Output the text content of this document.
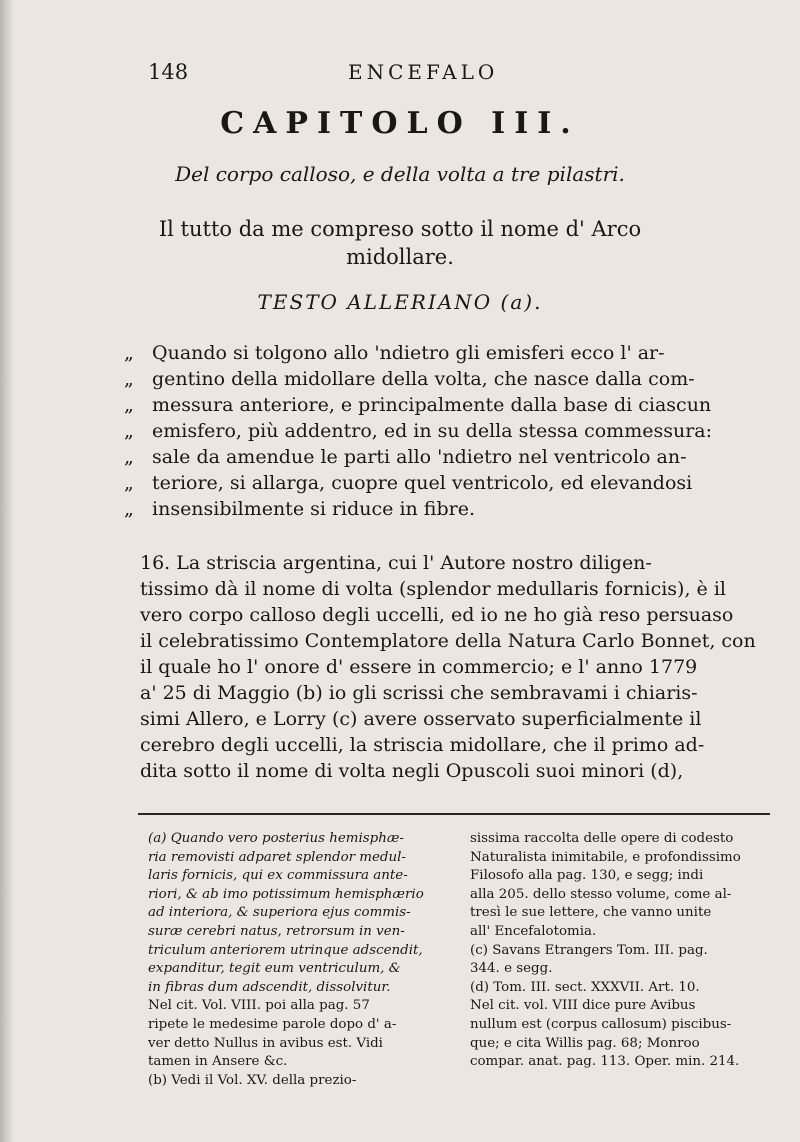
148	ENCEFALO
CAPITOLO III.
Del corpo calloso, e della volta a tre pilastri.
Il tutto da me compreso sotto il nome d' Arco
midollare.
TESTO ALLERIANO (a).
„ Quando si tolgono allo 'ndietro gli emisferi ecco l' ar-
„ gentino della midollare della volta, che nasce dalla com-
„ messura anteriore, e principalmente dalla base di ciascun
„ emisfero, più addentro, ed in su della stessa commessura:
„ sale da amendue le parti allo 'ndietro nel ventricolo an-
„ teriore, si allarga, cuopre quel ventricolo, ed elevandosi
„ insensibilmente si riduce in fibre.
16. La striscia argentina, cui l' Autore nostro diligen-
tissimo dà il nome di volta (splendor medullaris fornicis), è il
vero corpo calloso degli uccelli, ed io ne ho già reso persuaso
il celebratissimo Contemplatore della Natura Carlo Bonnet, con
il quale ho l' onore d' essere in commercio; e l' anno 1779
a' 25 di Maggio (b) io gli scrissi che sembravami i chiaris-
simi Allero, e Lorry (c) avere osservato superficialmente il
cerebro degli uccelli, la striscia midollare, che il primo ad-
dita sotto il nome di volta negli Opuscoli suoi minori (d),
(a) Quando vero posterius hemisphæ-
ria removisti adparet splendor medul-
laris fornicis, qui ex commissura ante-
riori, & ab imo potissimum hemisphærio
ad interiora, & superiora ejus commis-
suræ cerebri natus, retrorsum in ven-
triculum anteriorem utrinque adscendit,
expanditur, tegit eum ventriculum, &
in fibras dum adscendit, dissolvitur.
Nel cit. Vol. VIII. poi alla pag. 57
ripete le medesime parole dopo d' a-
ver detto Nullus in avibus est. Vidi
tamen in Ansere &c.
(b) Vedi il Vol. XV. della prezio-
sissima raccolta delle opere di codesto
Naturalista inimitabile, e profondissimo
Filosofo alla pag. 130, e segg; indi
alla 205. dello stesso volume, come al-
tresì le sue lettere, che vanno unite
all' Encefalotomia.
(c) Savans Etrangers Tom. III. pag.
344. e segg.
(d) Tom. III. sect. XXXVII. Art. 10.
Nel cit. vol. VIII dice pure Avibus
nullum est (corpus callosum) piscibus-
que; e cita Willis pag. 68; Monroo
compar. anat. pag. 113. Oper. min. 214.
